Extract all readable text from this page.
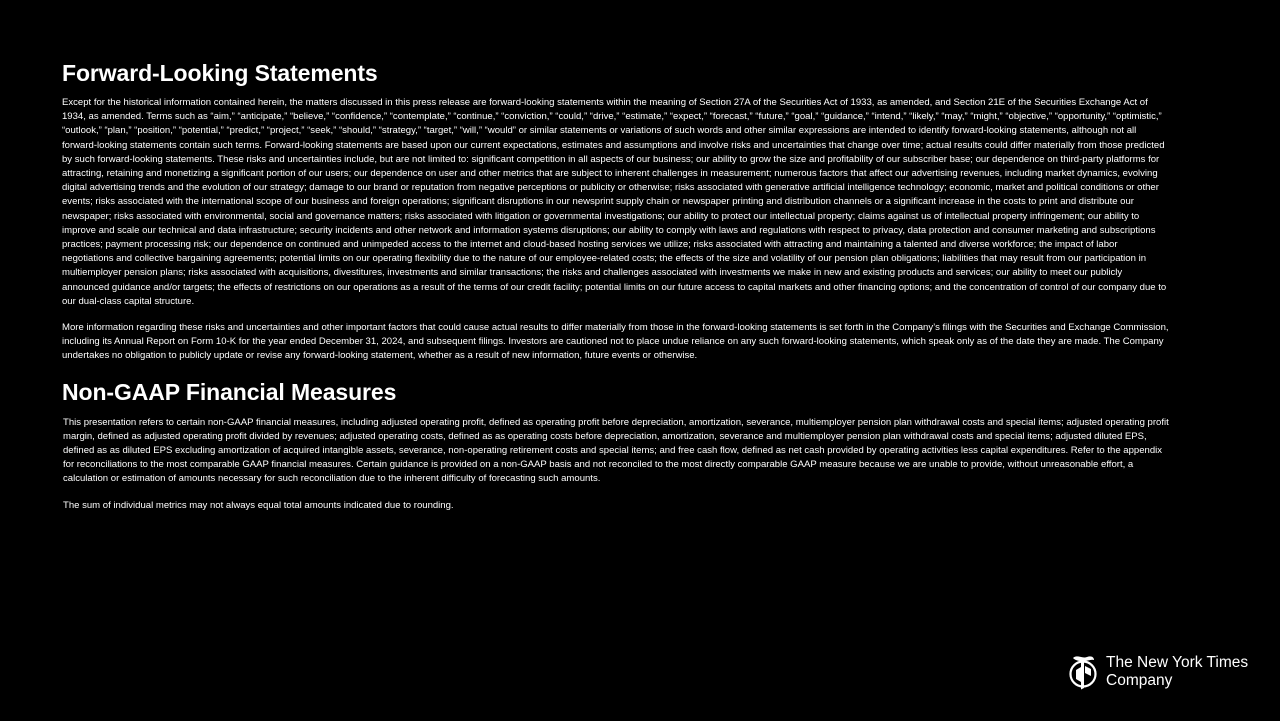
Forward-Looking Statements

Except for the historical information contained herein, the matters discussed in this press release are forward-looking statements within the meaning of Section 27A of the Securities Act of 1933, as amended, and Section 21E of the Securities Exchange Act of 1934, as amended. Terms such as “aim,” “anticipate,” “believe,” “confidence,” “contemplate,” “continue,” “conviction,” “could,” “drive,” “estimate,” “expect,” “forecast,” “future,” “goal,” “guidance,” “intend,” “likely,” “may,” “might,” “objective,” “opportunity,” “optimistic,” “outlook,” “plan,” “position,” “potential,” “predict,” “project,” “seek,” “should,” “strategy,” “target,” “will,” “would” or similar statements or variations of such words and other similar expressions are intended to identify forward-looking statements, although not all forward-looking statements contain such terms. Forward-looking statements are based upon our current expectations, estimates and assumptions and involve risks and uncertainties that change over time; actual results could differ materially from those predicted by such forward-looking statements. These risks and uncertainties include, but are not limited to: significant competition in all aspects of our business; our ability to grow the size and profitability of our subscriber base; our dependence on third-party platforms for attracting, retaining and monetizing a significant portion of our users; our dependence on user and other metrics that are subject to inherent challenges in measurement; numerous factors that affect our advertising revenues, including market dynamics, evolving digital advertising trends and the evolution of our strategy; damage to our brand or reputation from negative perceptions or publicity or otherwise; risks associated with generative artificial intelligence technology; economic, market and political conditions or other events; risks associated with the international scope of our business and foreign operations; significant disruptions in our newsprint supply chain or newspaper printing and distribution channels or a significant increase in the costs to print and distribute our newspaper; risks associated with environmental, social and governance matters; risks associated with litigation or governmental investigations; our ability to protect our intellectual property; claims against us of intellectual property infringement; our ability to improve and scale our technical and data infrastructure; security incidents and other network and information systems disruptions; our ability to comply with laws and regulations with respect to privacy, data protection and consumer marketing and subscriptions practices; payment processing risk; our dependence on continued and unimpeded access to the internet and cloud-based hosting services we utilize; risks associated with attracting and maintaining a talented and diverse workforce; the impact of labor negotiations and collective bargaining agreements; potential limits on our operating flexibility due to the nature of our employee-related costs; the effects of the size and volatility of our pension plan obligations; liabilities that may result from our participation in multiemployer pension plans; risks associated with acquisitions, divestitures, investments and similar transactions; the risks and challenges associated with investments we make in new and existing products and services; our ability to meet our publicly announced guidance and/or targets; the effects of restrictions on our operations as a result of the terms of our credit facility; potential limits on our future access to capital markets and other financing options; and the concentration of control of our company due to our dual-class capital structure.

More information regarding these risks and uncertainties and other important factors that could cause actual results to differ materially from those in the forward-looking statements is set forth in the Company’s filings with the Securities and Exchange Commission, including its Annual Report on Form 10-K for the year ended December 31, 2024, and subsequent filings. Investors are cautioned not to place undue reliance on any such forward-looking statements, which speak only as of the date they are made. The Company undertakes no obligation to publicly update or revise any forward-looking statement, whether as a result of new information, future events or otherwise.

Non-GAAP Financial Measures

This presentation refers to certain non-GAAP financial measures, including adjusted operating profit, defined as operating profit before depreciation, amortization, severance, multiemployer pension plan withdrawal costs and special items; adjusted operating profit margin, defined as adjusted operating profit divided by revenues; adjusted operating costs, defined as as operating costs before depreciation, amortization, severance and multiemployer pension plan withdrawal costs and special items; adjusted diluted EPS, defined as as diluted EPS excluding amortization of acquired intangible assets, severance, non-operating retirement costs and special items; and free cash flow, defined as net cash provided by operating activities less capital expenditures. Refer to the appendix for reconciliations to the most comparable GAAP financial measures. Certain guidance is provided on a non-GAAP basis and not reconciled to the most directly comparable GAAP measure because we are unable to provide, without unreasonable effort, a calculation or estimation of amounts necessary for such reconciliation due to the inherent difficulty of forecasting such amounts.

The sum of individual metrics may not always equal total amounts indicated due to rounding.

The New York Times
Company
